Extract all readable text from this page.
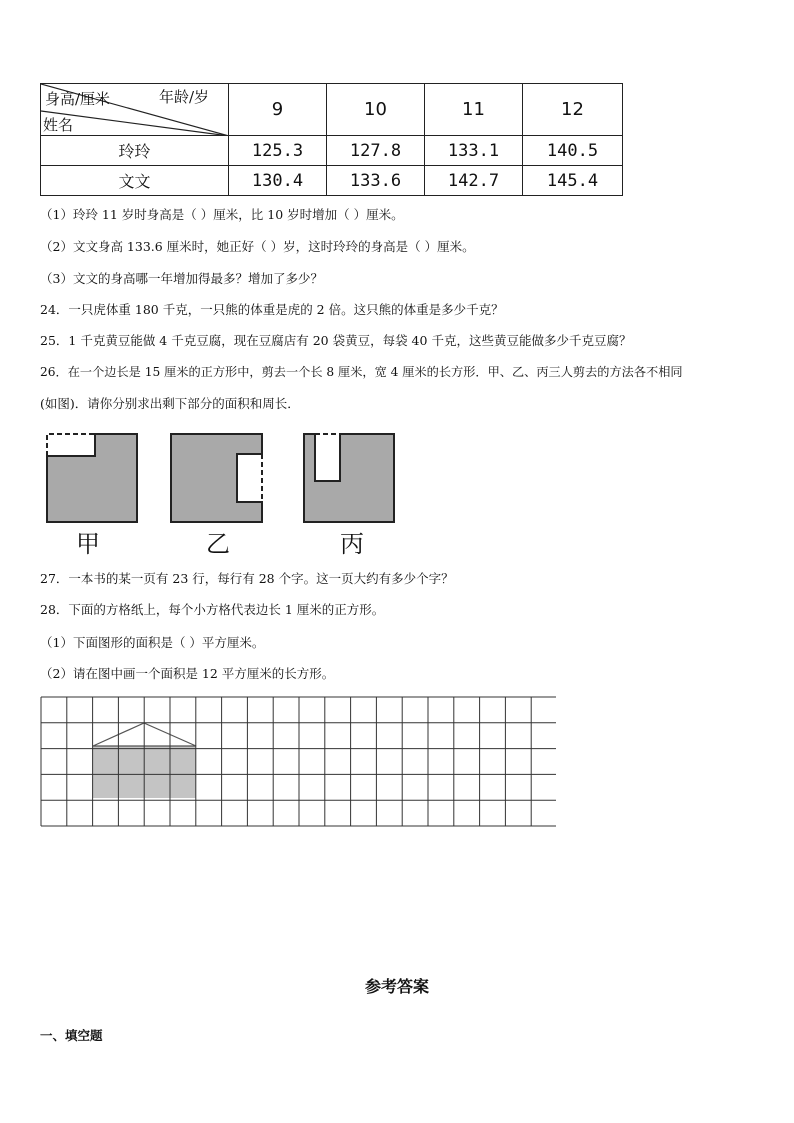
身高/厘米 年龄/岁
姓名	9	10	11	12
玲玲	125.3	127.8	133.1	140.5
文文	130.4	133.6	142.7	145.4
（1）玲玲 11 岁时身高是（ ）厘米，比 10 岁时增加（ ）厘米。
（2）文文身高 133.6 厘米时，她正好（ ）岁，这时玲玲的身高是（ ）厘米。
（3）文文的身高哪一年增加得最多？增加了多少？
24．一只虎体重 180 千克，一只熊的体重是虎的 2 倍。这只熊的体重是多少千克？
25．1 千克黄豆能做 4 千克豆腐，现在豆腐店有 20 袋黄豆，每袋 40 千克，这些黄豆能做多少千克豆腐？
26．在一个边长是 15 厘米的正方形中，剪去一个长 8 厘米，宽 4 厘米的长方形．甲、乙、丙三人剪去的方法各不相同
(如图)．请你分别求出剩下部分的面积和周长．
甲	乙	丙
27．一本书的某一页有 23 行，每行有 28 个字。这一页大约有多少个字？
28．下面的方格纸上，每个小方格代表边长 1 厘米的正方形。
（1）下面图形的面积是（ ）平方厘米。
（2）请在图中画一个面积是 12 平方厘米的长方形。
参考答案
一、填空题
